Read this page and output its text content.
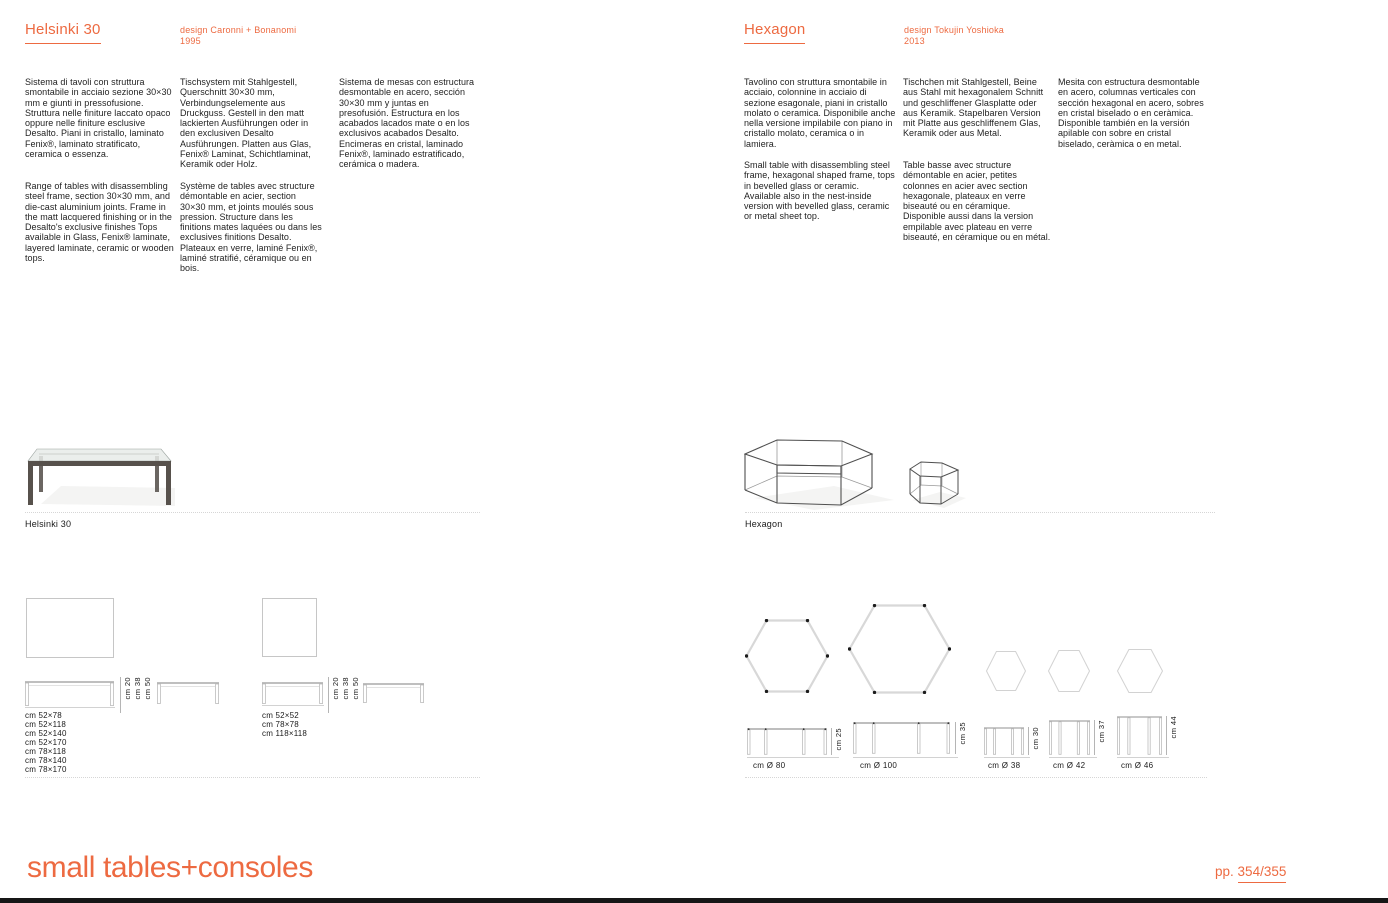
Helsinki 30	design Caronni + Bonanomi
1995
Sistema di tavoli con struttura smontabile in acciaio sezione 30×30 mm e giunti in pressofusione. Struttura nelle finiture laccato opaco oppure nelle finiture esclusive Desalto. Piani in cristallo, laminato Fenix®, laminato stratificato, ceramica o essenza.
Range of tables with disassembling steel frame, section 30×30 mm, and die-cast aluminium joints. Frame in the matt lacquered finishing or in the Desalto's exclusive finishes Tops available in Glass, Fenix® laminate, layered laminate, ceramic or wooden tops.
Tischsystem mit Stahlgestell, Querschnitt 30×30 mm, Verbindungselemente aus Druckguss. Gestell in den matt lackierten Ausführungen oder in den exclusiven Desalto Ausführungen. Platten aus Glas, Fenix® Laminat, Schichtlaminat, Keramik oder Holz.
Système de tables avec structure démontable en acier, section 30×30 mm, et joints moulés sous pression. Structure dans les finitions mates laquées ou dans les exclusives finitions Desalto. Plateaux en verre, laminé Fenix®, laminé stratifié, céramique ou en bois.
Sistema de mesas con estructura desmontable en acero, sección 30×30 mm y juntas en presofusión. Estructura en los acabados lacados mate o en los exclusivos acabados Desalto. Encimeras en cristal, laminado Fenix®, laminado estratificado, cerámica o madera.
Helsinki 30
cm 20 cm 38 cm 50
cm 52×78
cm 52×118
cm 52×140
cm 52×170
cm 78×118
cm 78×140
cm 78×170
cm 20 cm 38 cm 50
cm 52×52
cm 78×78
cm 118×118
Hexagon	design Tokujin Yoshioka
2013
Tavolino con struttura smontabile in acciaio, colonnine in acciaio di sezione esagonale, piani in cristallo molato o ceramica. Disponibile anche nella versione impilabile con piano in cristallo molato, ceramica o in lamiera.
Small table with disassembling steel frame, hexagonal shaped frame, tops in bevelled glass or ceramic. Available also in the nest-inside version with bevelled glass, ceramic or metal sheet top.
Tischchen mit Stahlgestell, Beine aus Stahl mit hexagonalem Schnitt und geschliffener Glasplatte oder aus Keramik. Stapelbaren Version mit Platte aus geschliffenem Glas, Keramik oder aus Metal.
Table basse avec structure démontable en acier, petites colonnes en acier avec section hexagonale, plateaux en verre biseauté ou en céramique. Disponible aussi dans la version empilable avec plateau en verre biseauté, en céramique ou en métal.
Mesita con estructura desmontable en acero, columnas verticales con sección hexagonal en acero, sobres en cristal biselado o en ceràmica. Disponible también en la versión apilable con sobre en cristal biselado, ceràmica o en metal.
Hexagon
cm 25
cm Ø 80
cm 35
cm Ø 100
cm 30
cm Ø 38
cm 37
cm Ø 42
cm 44
cm Ø 46
small tables+consoles	pp. 354/355
